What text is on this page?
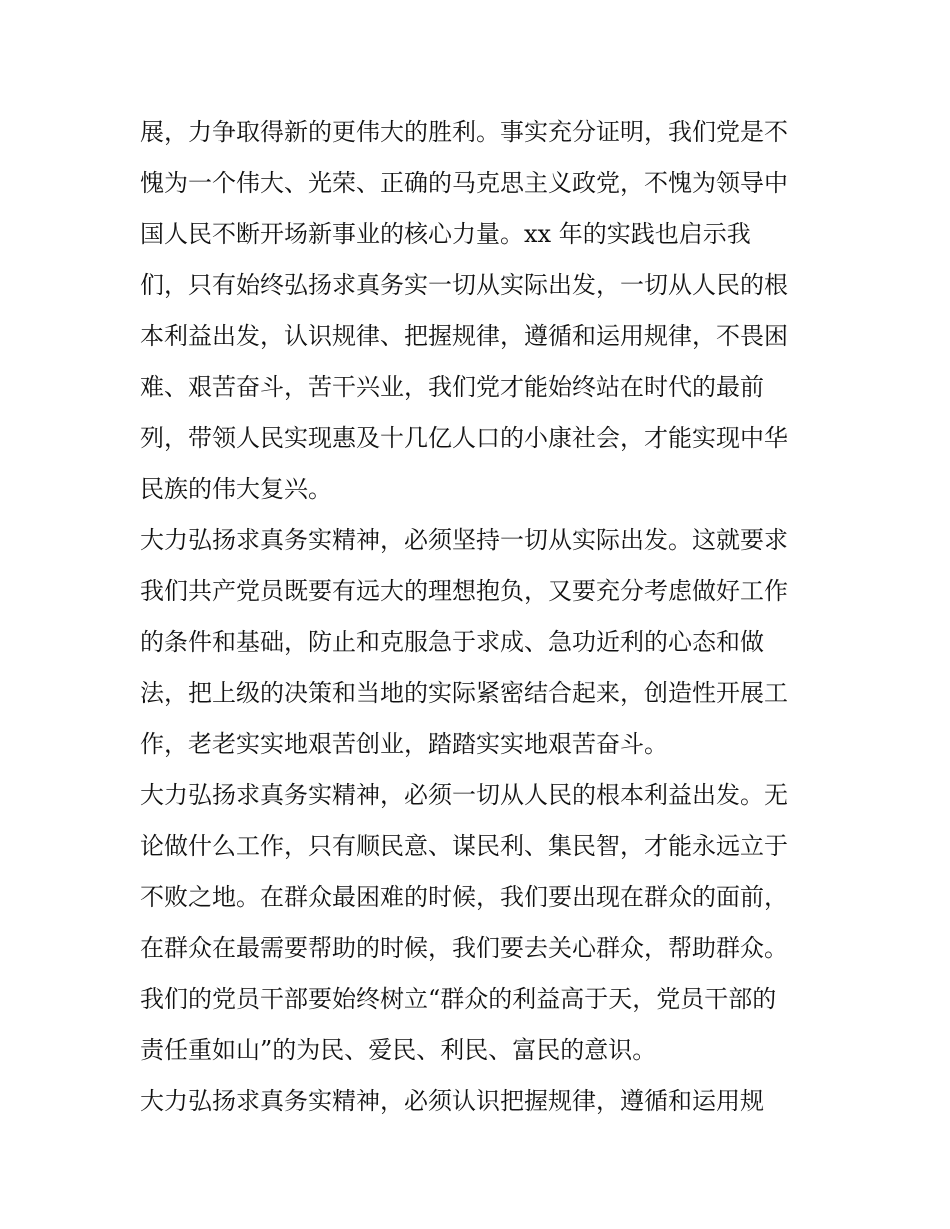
展，力争取得新的更伟大的胜利。事实充分证明，我们党是不
愧为一个伟大、光荣、正确的马克思主义政党，不愧为领导中
国人民不断开场新事业的核心力量。xx 年的实践也启示我
们，只有始终弘扬求真务实一切从实际出发，一切从人民的根
本利益出发，认识规律、把握规律，遵循和运用规律，不畏困
难、艰苦奋斗，苦干兴业，我们党才能始终站在时代的最前
列，带领人民实现惠及十几亿人口的小康社会，才能实现中华
民族的伟大复兴。
大力弘扬求真务实精神，必须坚持一切从实际出发。这就要求
我们共产党员既要有远大的理想抱负，又要充分考虑做好工作
的条件和基础，防止和克服急于求成、急功近利的心态和做
法，把上级的决策和当地的实际紧密结合起来，创造性开展工
作，老老实实地艰苦创业，踏踏实实地艰苦奋斗。
大力弘扬求真务实精神，必须一切从人民的根本利益出发。无
论做什么工作，只有顺民意、谋民利、集民智，才能永远立于
不败之地。在群众最困难的时候，我们要出现在群众的面前，
在群众在最需要帮助的时候，我们要去关心群众，帮助群众。
我们的党员干部要始终树立“群众的利益高于天，党员干部的
责任重如山”的为民、爱民、利民、富民的意识。
大力弘扬求真务实精神，必须认识把握规律，遵循和运用规
